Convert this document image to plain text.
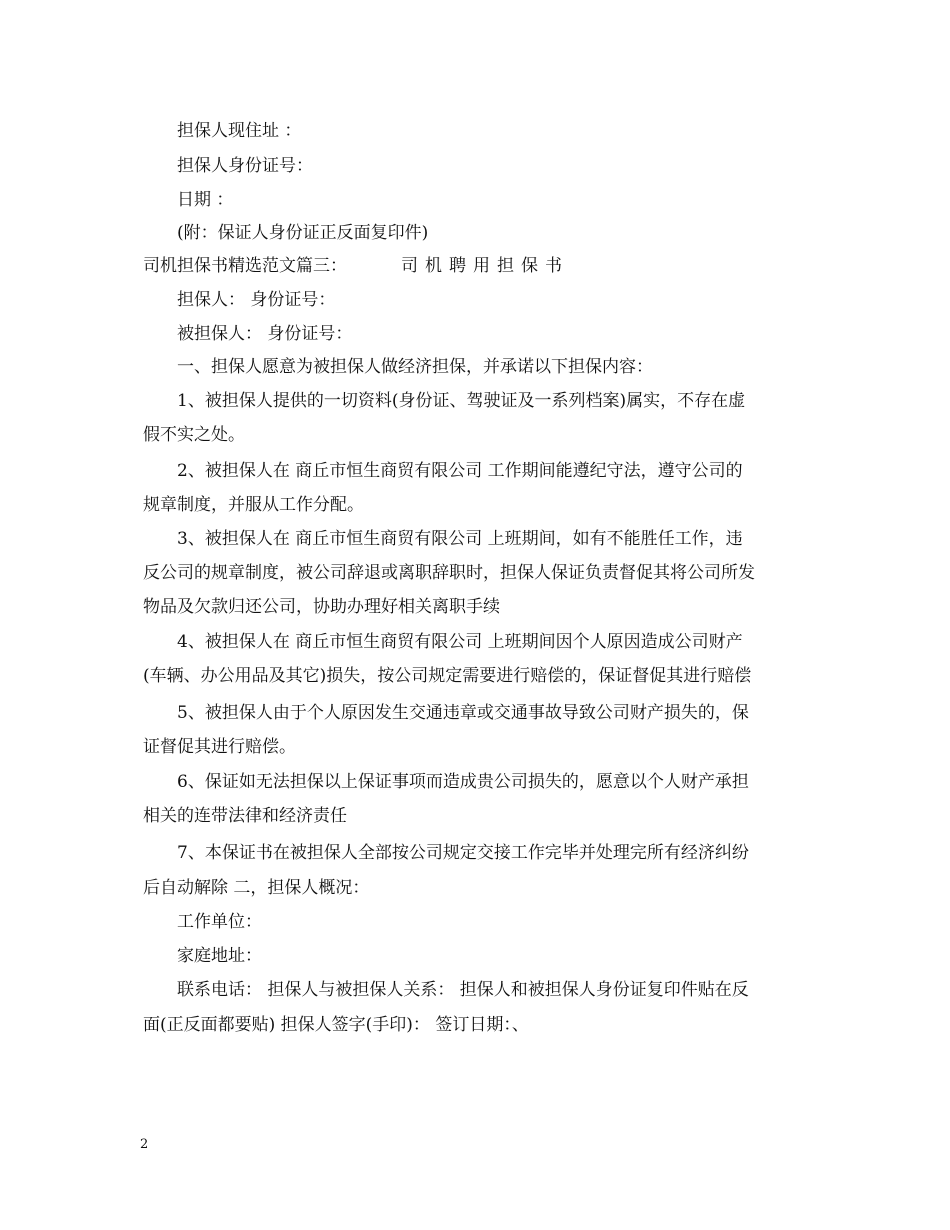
担保人现住址 ：
担保人身份证号：
日期 ：
(附：保证人身份证正反面复印件)
司机担保书精选范文篇三：	司机聘用担保书
担保人： 身份证号：
被担保人： 身份证号：
一、担保人愿意为被担保人做经济担保，并承诺以下担保内容：
1、被担保人提供的一切资料(身份证、驾驶证及一系列档案)属实，不存在虚
假不实之处。
2、被担保人在 商丘市恒生商贸有限公司 工作期间能遵纪守法，遵守公司的
规章制度，并服从工作分配。
3、被担保人在 商丘市恒生商贸有限公司 上班期间，如有不能胜任工作，违
反公司的规章制度，被公司辞退或离职辞职时，担保人保证负责督促其将公司所发
物品及欠款归还公司，协助办理好相关离职手续
4、被担保人在 商丘市恒生商贸有限公司 上班期间因个人原因造成公司财产
(车辆、办公用品及其它)损失，按公司规定需要进行赔偿的，保证督促其进行赔偿
5、被担保人由于个人原因发生交通违章或交通事故导致公司财产损失的，保
证督促其进行赔偿。
6、保证如无法担保以上保证事项而造成贵公司损失的，愿意以个人财产承担
相关的连带法律和经济责任
7、本保证书在被担保人全部按公司规定交接工作完毕并处理完所有经济纠纷
后自动解除 二，担保人概况：
工作单位：
家庭地址：
联系电话： 担保人与被担保人关系： 担保人和被担保人身份证复印件贴在反
面(正反面都要贴) 担保人签字(手印)： 签订日期：、
2
